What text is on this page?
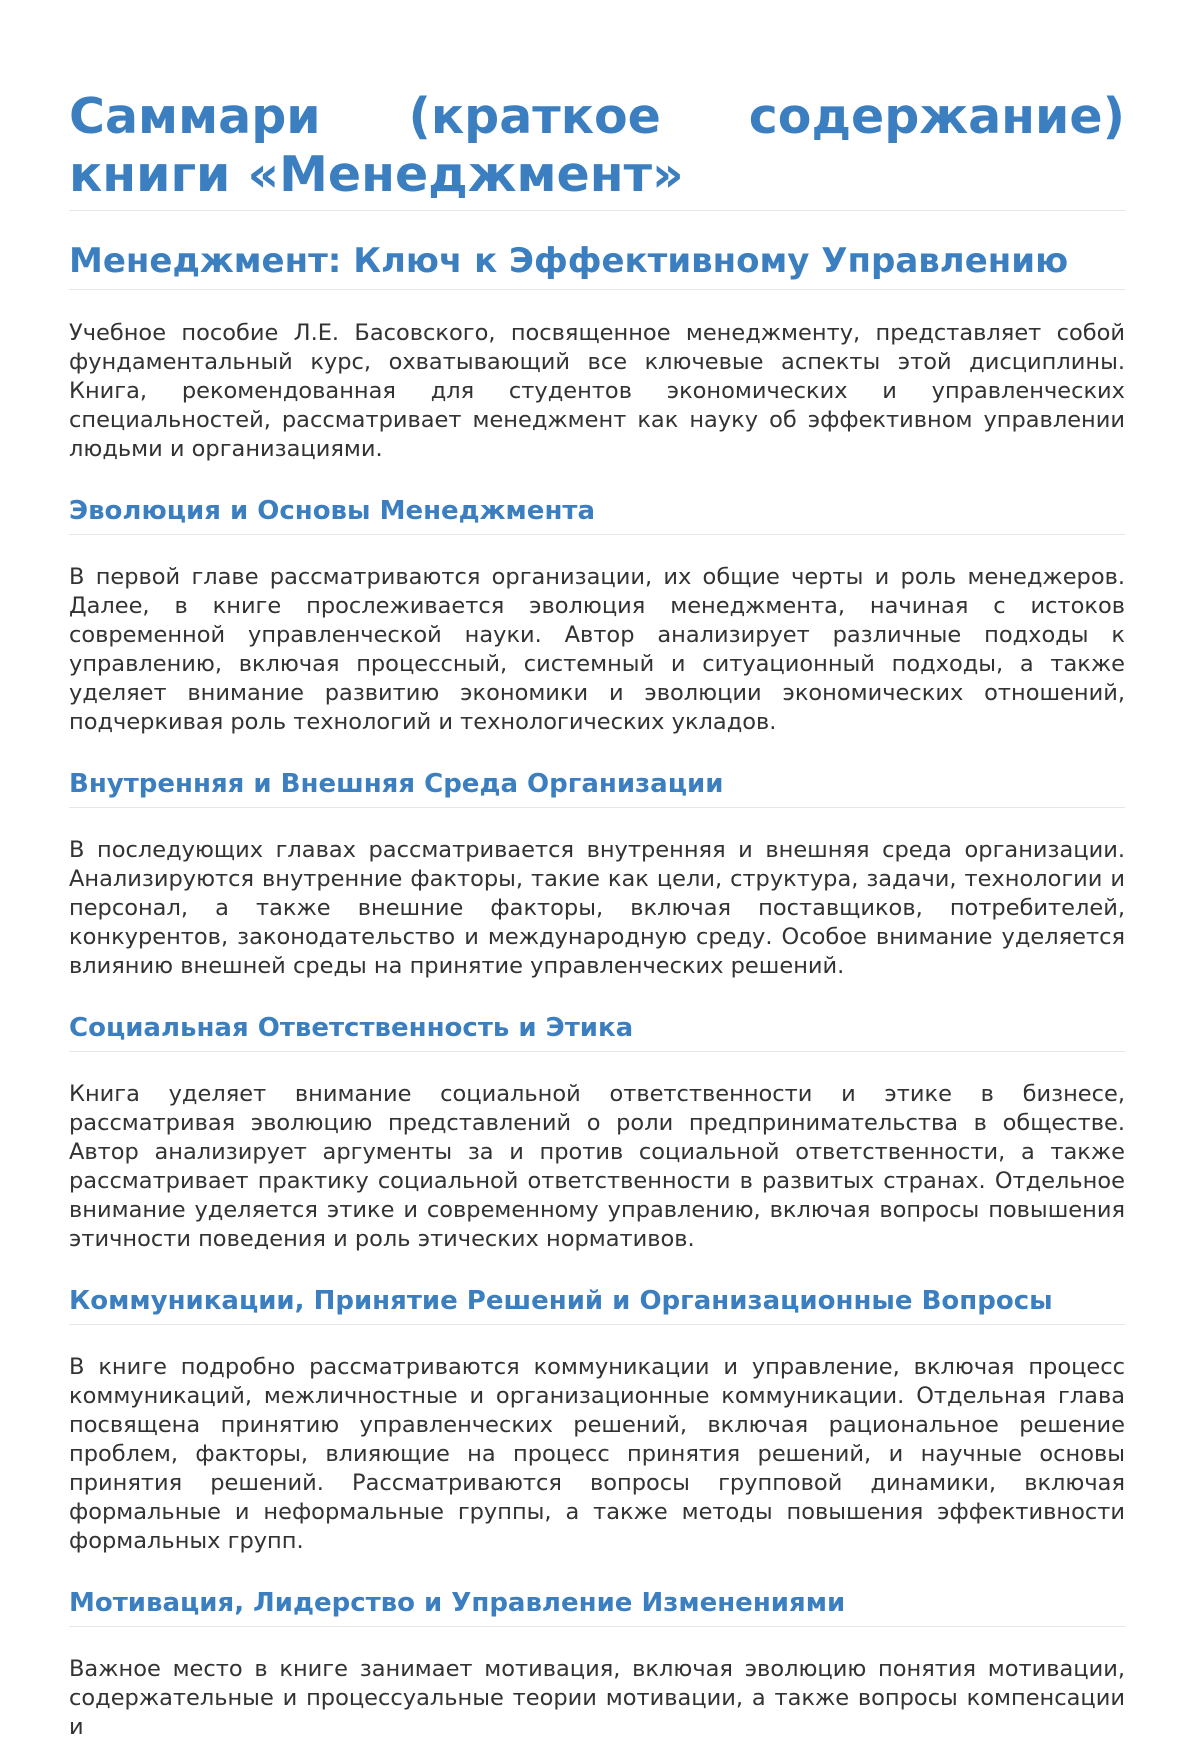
Саммари (краткое содержание) книги «Менеджмент»
Менеджмент: Ключ к Эффективному Управлению

Учебное пособие Л.Е. Басовского, посвященное менеджменту, представляет собой фундаментальный курс, охватывающий все ключевые аспекты этой дисциплины. Книга, рекомендованная для студентов экономических и управленческих специальностей, рассматривает менеджмент как науку об эффективном управлении людьми и организациями.

Эволюция и Основы Менеджмента

В первой главе рассматриваются организации, их общие черты и роль менеджеров. Далее, в книге прослеживается эволюция менеджмента, начиная с истоков современной управленческой науки. Автор анализирует различные подходы к управлению, включая процессный, системный и ситуационный подходы, а также уделяет внимание развитию экономики и эволюции экономических отношений, подчеркивая роль технологий и технологических укладов.

Внутренняя и Внешняя Среда Организации

В последующих главах рассматривается внутренняя и внешняя среда организации. Анализируются внутренние факторы, такие как цели, структура, задачи, технологии и персонал, а также внешние факторы, включая поставщиков, потребителей, конкурентов, законодательство и международную среду. Особое внимание уделяется влиянию внешней среды на принятие управленческих решений.

Социальная Ответственность и Этика

Книга уделяет внимание социальной ответственности и этике в бизнесе, рассматривая эволюцию представлений о роли предпринимательства в обществе. Автор анализирует аргументы за и против социальной ответственности, а также рассматривает практику социальной ответственности в развитых странах. Отдельное внимание уделяется этике и современному управлению, включая вопросы повышения этичности поведения и роль этических нормативов.

Коммуникации, Принятие Решений и Организационные Вопросы

В книге подробно рассматриваются коммуникации и управление, включая процесс коммуникаций, межличностные и организационные коммуникации. Отдельная глава посвящена принятию управленческих решений, включая рациональное решение проблем, факторы, влияющие на процесс принятия решений, и научные основы принятия решений. Рассматриваются вопросы групповой динамики, включая формальные и неформальные группы, а также методы повышения эффективности формальных групп.

Мотивация, Лидерство и Управление Изменениями

Важное место в книге занимает мотивация, включая эволюцию понятия мотивации, содержательные и процессуальные теории мотивации, а также вопросы компенсации и
